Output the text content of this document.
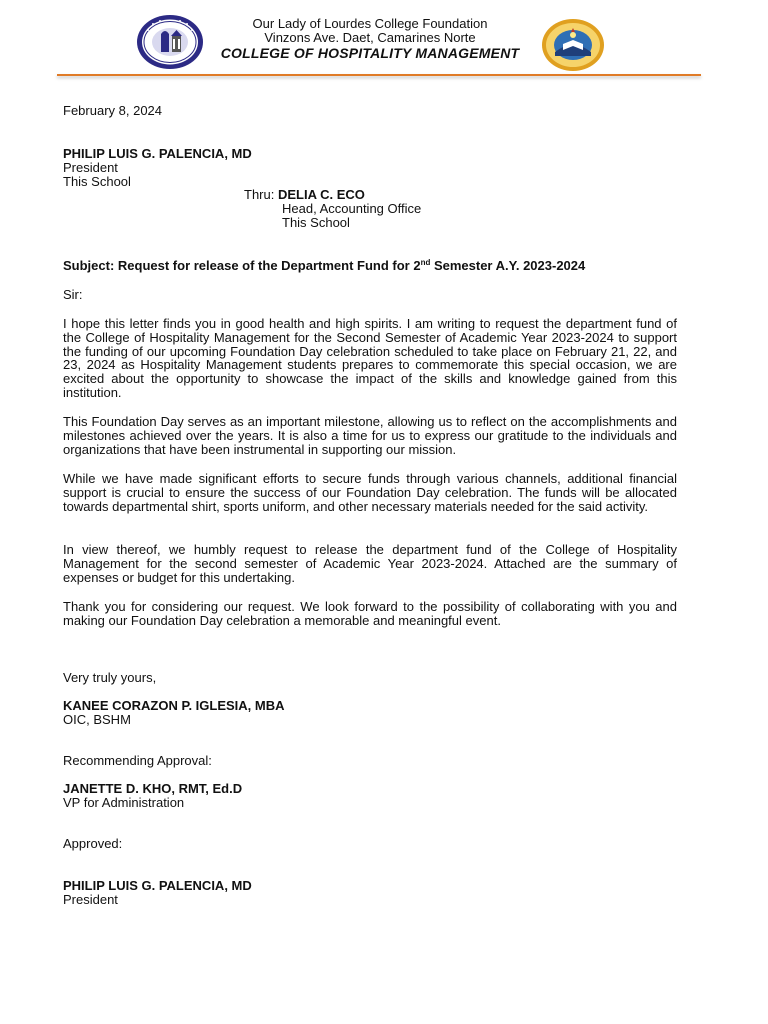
Our Lady of Lourdes College Foundation
Vinzons Ave. Daet, Camarines Norte
COLLEGE OF HOSPITALITY MANAGEMENT
February 8, 2024
PHILIP LUIS G. PALENCIA, MD
President
This School
Thru: DELIA C. ECO
Head, Accounting Office
This School
Subject: Request for release of the Department Fund for 2nd Semester A.Y. 2023-2024
Sir:
I hope this letter finds you in good health and high spirits. I am writing to request the department fund of the College of Hospitality Management for the Second Semester of Academic Year 2023-2024 to support the funding of our upcoming Foundation Day celebration scheduled to take place on February 21, 22, and 23, 2024 as Hospitality Management students prepares to commemorate this special occasion, we are excited about the opportunity to showcase the impact of the skills and knowledge gained from this institution.
This Foundation Day serves as an important milestone, allowing us to reflect on the accomplishments and milestones achieved over the years. It is also a time for us to express our gratitude to the individuals and organizations that have been instrumental in supporting our mission.
While we have made significant efforts to secure funds through various channels, additional financial support is crucial to ensure the success of our Foundation Day celebration. The funds will be allocated towards departmental shirt, sports uniform, and other necessary materials needed for the said activity.
In view thereof, we humbly request to release the department fund of the College of Hospitality Management for the second semester of Academic Year 2023-2024. Attached are the summary of expenses or budget for this undertaking.
Thank you for considering our request. We look forward to the possibility of collaborating with you and making our Foundation Day celebration a memorable and meaningful event.
Very truly yours,
KANEE CORAZON P. IGLESIA, MBA
OIC, BSHM
Recommending Approval:
JANETTE D. KHO, RMT, Ed.D
VP for Administration
Approved:
PHILIP LUIS G. PALENCIA, MD
President
